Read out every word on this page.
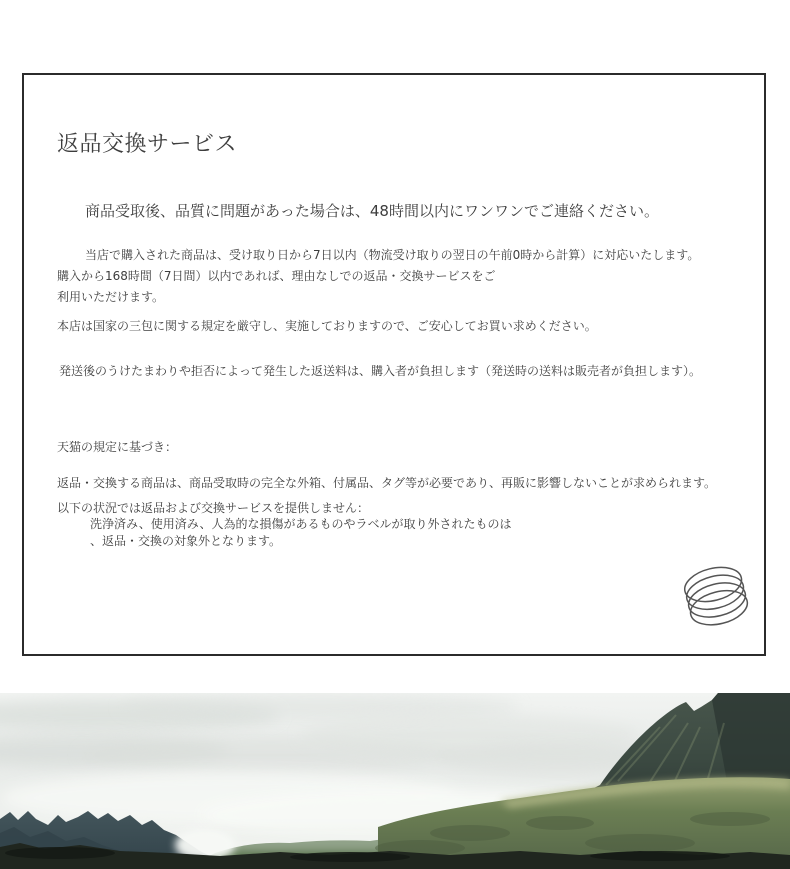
返品交換サービス
商品受取後、品質に問題があった場合は、48時間以内にワンワンでご連絡ください。
当店で購入された商品は、受け取り日から7日以内（物流受け取りの翌日の午前0時から計算）に対応いたします。
購入から168時間（7日間）以内であれば、理由なしでの返品・交換サービスをご
利用いただけます。
本店は国家の三包に関する規定を厳守し、実施しておりますので、ご安心してお買い求めください。
発送後のうけたまわりや拒否によって発生した返送料は、購入者が負担します（発送時の送料は販売者が負担します）。
天猫の規定に基づき：
返品・交換する商品は、商品受取時の完全な外箱、付属品、タグ等が必要であり、再販に影響しないことが求められます。
以下の状況では返品および交換サービスを提供しません：
洗浄済み、使用済み、人為的な損傷があるものやラベルが取り外されたものは
、返品・交換の対象外となります。
